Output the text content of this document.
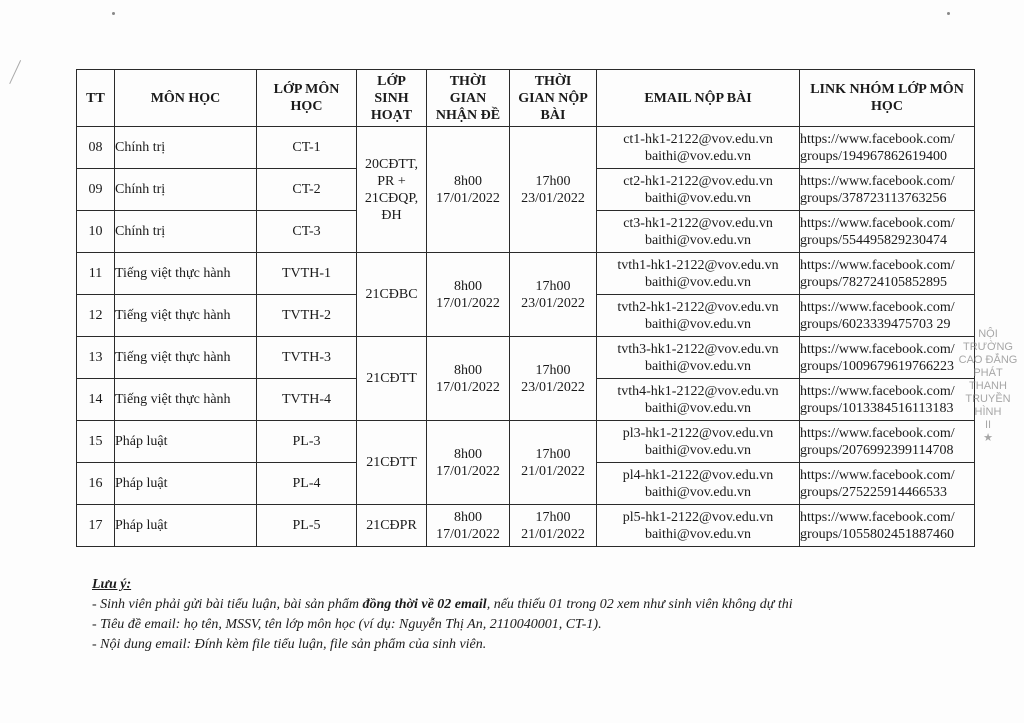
TT	MÔN HỌC	LỚP MÔN
HỌC	LỚP
SINH
HOẠT	THỜI
GIAN
NHẬN ĐỀ	THỜI
GIAN NỘP
BÀI	EMAIL NỘP BÀI	LINK NHÓM LỚP MÔN
HỌC

08	Chính trị	CT-1	20CĐTT,
PR +
21CĐQP,
ĐH	8h00
17/01/2022	17h00
23/01/2022	ct1-hk1-2122@vov.edu.vn
baithi@vov.edu.vn	https://www.facebook.com/
groups/194967862619400

09	Chính trị	CT-2				ct2-hk1-2122@vov.edu.vn
baithi@vov.edu.vn	https://www.facebook.com/
groups/378723113763256

10	Chính trị	CT-3				ct3-hk1-2122@vov.edu.vn
baithi@vov.edu.vn	https://www.facebook.com/
groups/554495829230474

11	Tiếng việt thực hành	TVTH-1	21CĐBC	8h00
17/01/2022	17h00
23/01/2022	tvth1-hk1-2122@vov.edu.vn
baithi@vov.edu.vn	https://www.facebook.com/
groups/782724105852895

12	Tiếng việt thực hành	TVTH-2				tvth2-hk1-2122@vov.edu.vn
baithi@vov.edu.vn	https://www.facebook.com/
groups/6023339475703 29

13	Tiếng việt thực hành	TVTH-3	21CĐTT	8h00
17/01/2022	17h00
23/01/2022	tvth3-hk1-2122@vov.edu.vn
baithi@vov.edu.vn	https://www.facebook.com/
groups/1009679619766223

14	Tiếng việt thực hành	TVTH-4				tvth4-hk1-2122@vov.edu.vn
baithi@vov.edu.vn	https://www.facebook.com/
groups/1013384516113183

15	Pháp luật	PL-3	21CĐTT	8h00
17/01/2022	17h00
21/01/2022	pl3-hk1-2122@vov.edu.vn
baithi@vov.edu.vn	https://www.facebook.com/
groups/2076992399114708

16	Pháp luật	PL-4				pl4-hk1-2122@vov.edu.vn
baithi@vov.edu.vn	https://www.facebook.com/
groups/275225914466533

17	Pháp luật	PL-5	21CĐPR	8h00
17/01/2022	17h00
21/01/2022	pl5-hk1-2122@vov.edu.vn
baithi@vov.edu.vn	https://www.facebook.com/
groups/1055802451887460
NỘI
TRƯỜNG
CAO ĐẲNG
PHÁT THANH
TRUYỀN HÌNH
II
★
Lưu ý:
- Sinh viên phải gửi bài tiểu luận, bài sản phẩm đồng thời về 02 email, nếu thiếu 01 trong 02 xem như sinh viên không dự thi
- Tiêu đề email: họ tên, MSSV, tên lớp môn học (ví dụ: Nguyễn Thị An, 2110040001, CT-1).
- Nội dung email: Đính kèm file tiểu luận, file sản phẩm của sinh viên.
